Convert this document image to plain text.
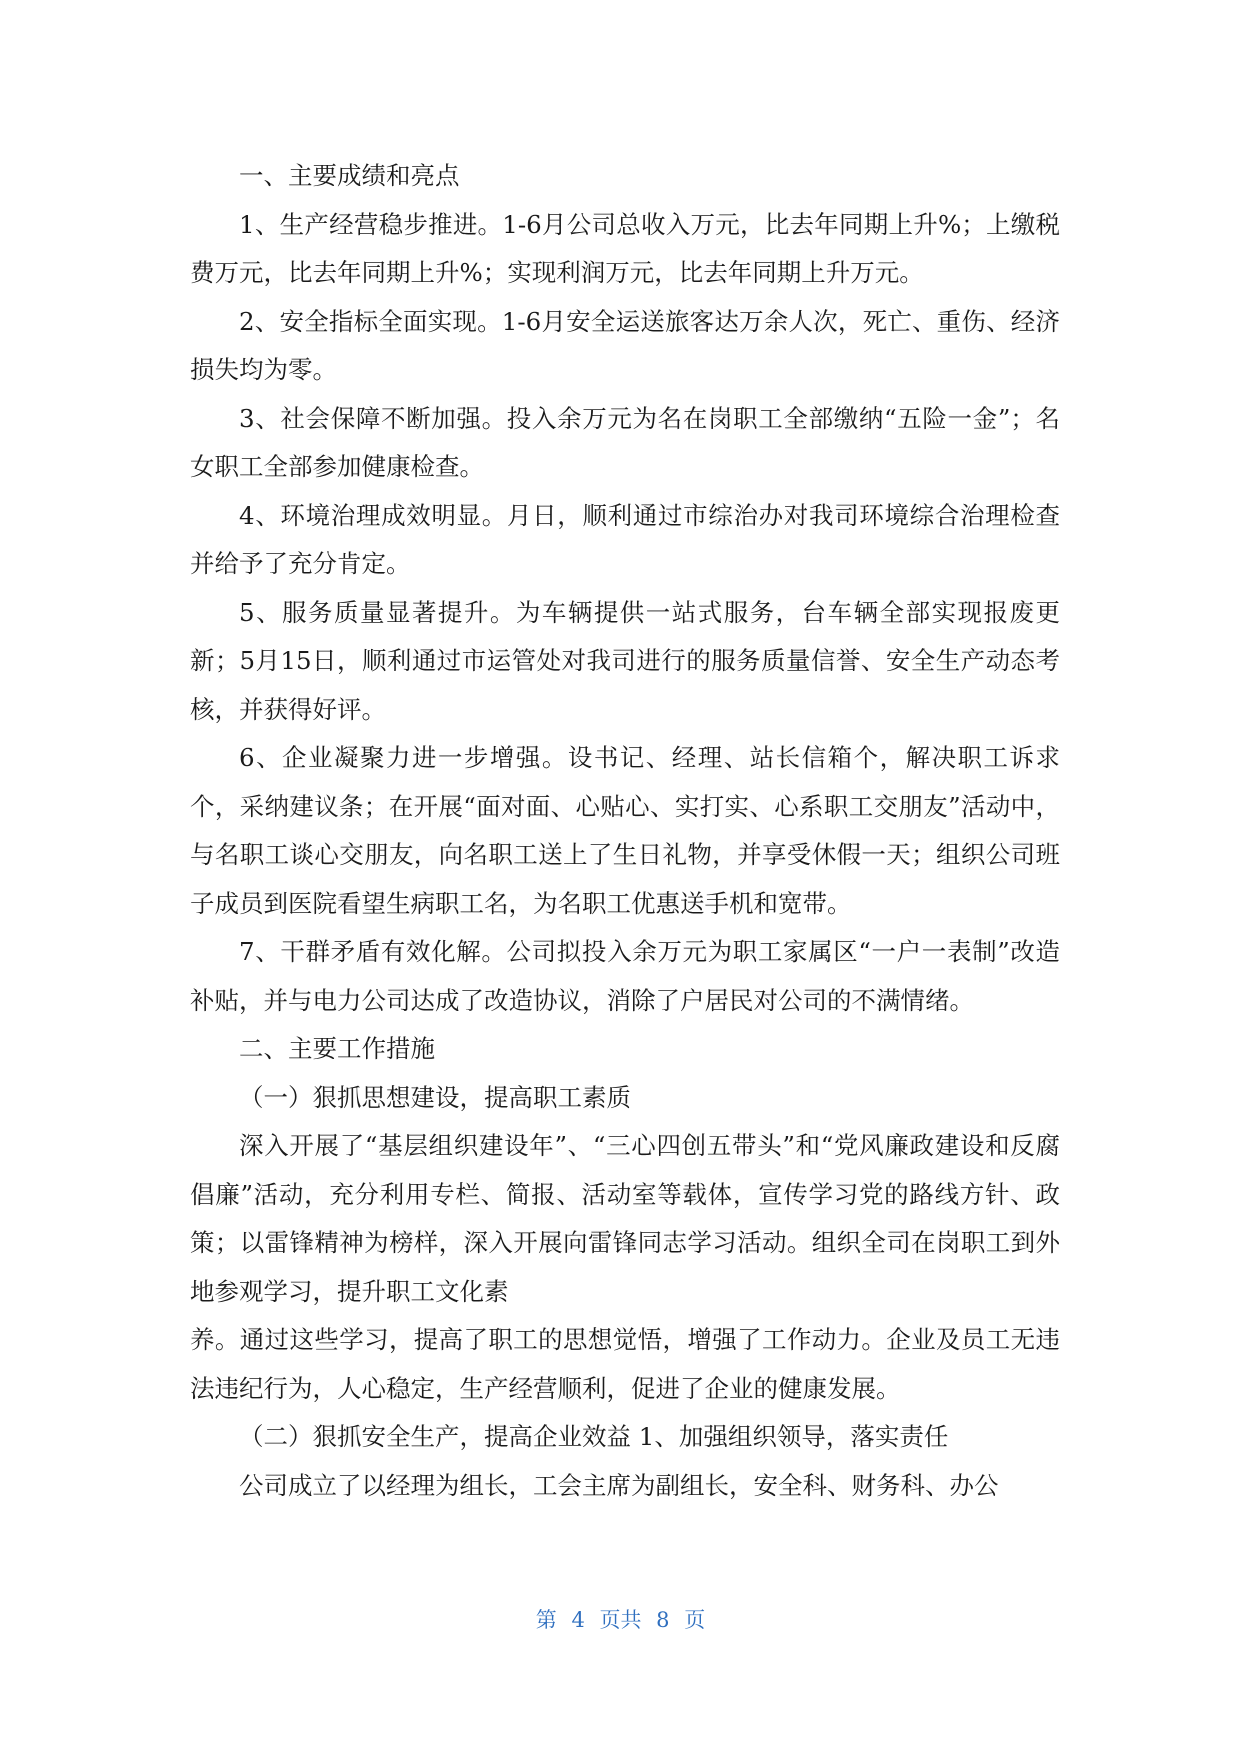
一、主要成绩和亮点

1、生产经营稳步推进。1-6月公司总收入万元，比去年同期上升%；上缴税费万元，比去年同期上升%；实现利润万元，比去年同期上升万元。

2、安全指标全面实现。1-6月安全运送旅客达万余人次，死亡、重伤、经济损失均为零。

3、社会保障不断加强。投入余万元为名在岗职工全部缴纳“五险一金”；名女职工全部参加健康检查。

4、环境治理成效明显。月日，顺利通过市综治办对我司环境综合治理检查并给予了充分肯定。

5、服务质量显著提升。为车辆提供一站式服务，台车辆全部实现报废更新；5月15日，顺利通过市运管处对我司进行的服务质量信誉、安全生产动态考核，并获得好评。

6、企业凝聚力进一步增强。设书记、经理、站长信箱个，解决职工诉求个，采纳建议条；在开展“面对面、心贴心、实打实、心系职工交朋友”活动中，与名职工谈心交朋友，向名职工送上了生日礼物，并享受休假一天；组织公司班子成员到医院看望生病职工名，为名职工优惠送手机和宽带。

7、干群矛盾有效化解。公司拟投入余万元为职工家属区“一户一表制”改造补贴，并与电力公司达成了改造协议，消除了户居民对公司的不满情绪。

二、主要工作措施

（一）狠抓思想建设，提高职工素质

深入开展了“基层组织建设年”、“三心四创五带头”和“党风廉政建设和反腐倡廉”活动，充分利用专栏、简报、活动室等载体，宣传学习党的路线方针、政策；以雷锋精神为榜样，深入开展向雷锋同志学习活动。组织全司在岗职工到外地参观学习，提升职工文化素

养。通过这些学习，提高了职工的思想觉悟，增强了工作动力。企业及员工无违法违纪行为，人心稳定，生产经营顺利，促进了企业的健康发展。

（二）狠抓安全生产，提高企业效益 1、加强组织领导，落实责任

公司成立了以经理为组长，工会主席为副组长，安全科、财务科、办公

第 4 页共 8 页
